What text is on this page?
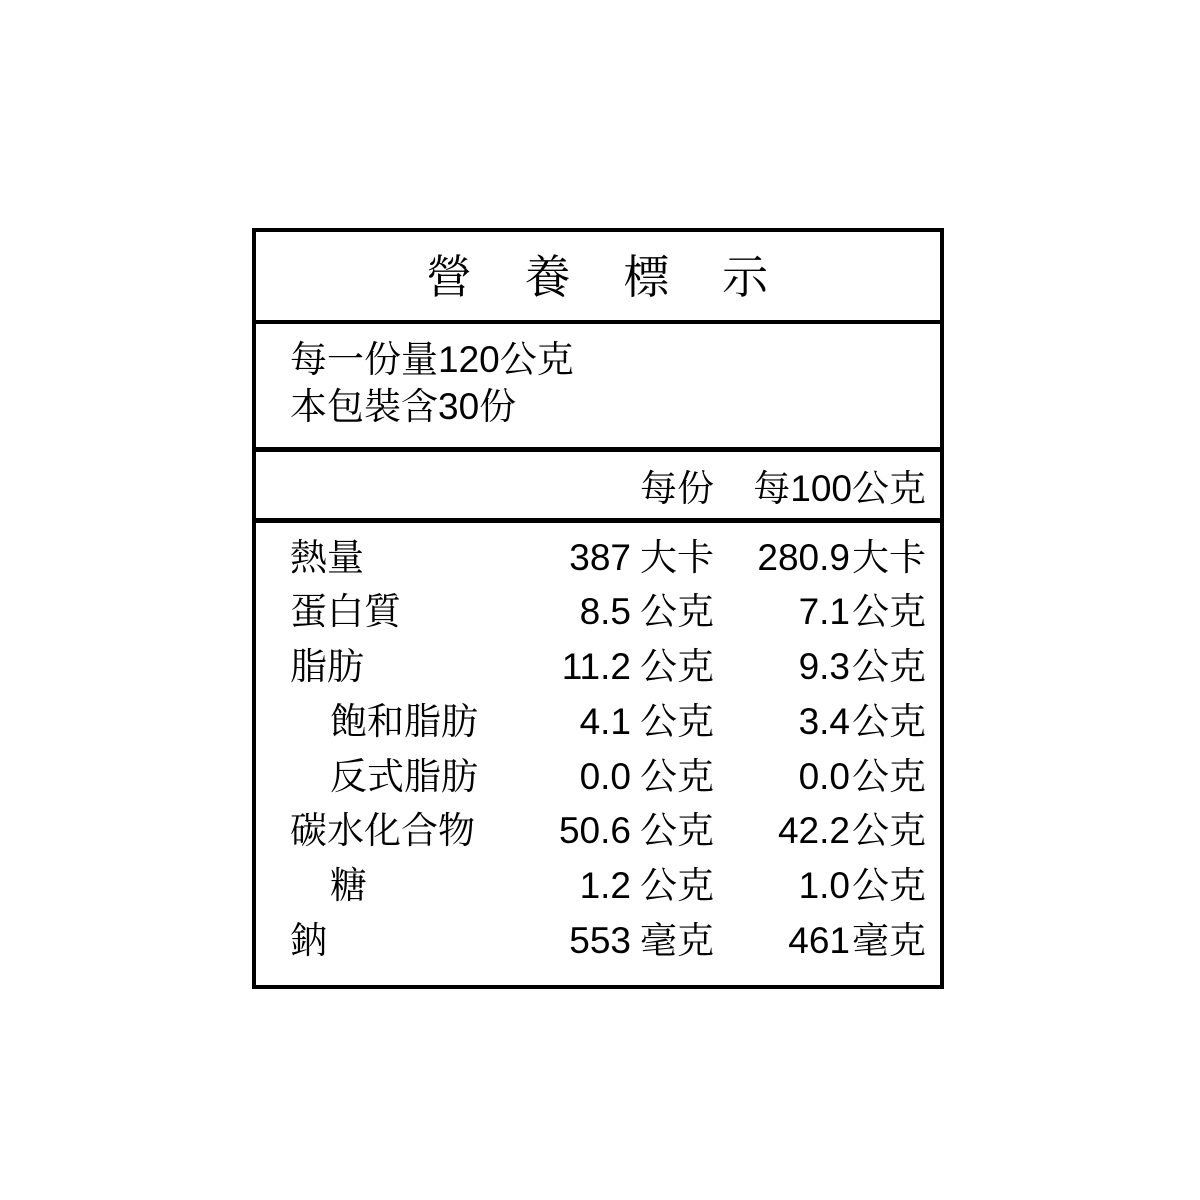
營 養 標 示
每一份量120公克
本包裝含30份
每份	每100公克
熱量	387 大卡 280.9 大卡
蛋白質	8.5 公克 7.1 公克
脂肪	11.2 公克 9.3 公克
飽和脂肪	4.1 公克 3.4 公克
反式脂肪	0.0 公克 0.0 公克
碳水化合物	50.6 公克 42.2 公克
糖	1.2 公克 1.0 公克
鈉	553 毫克 461 毫克
